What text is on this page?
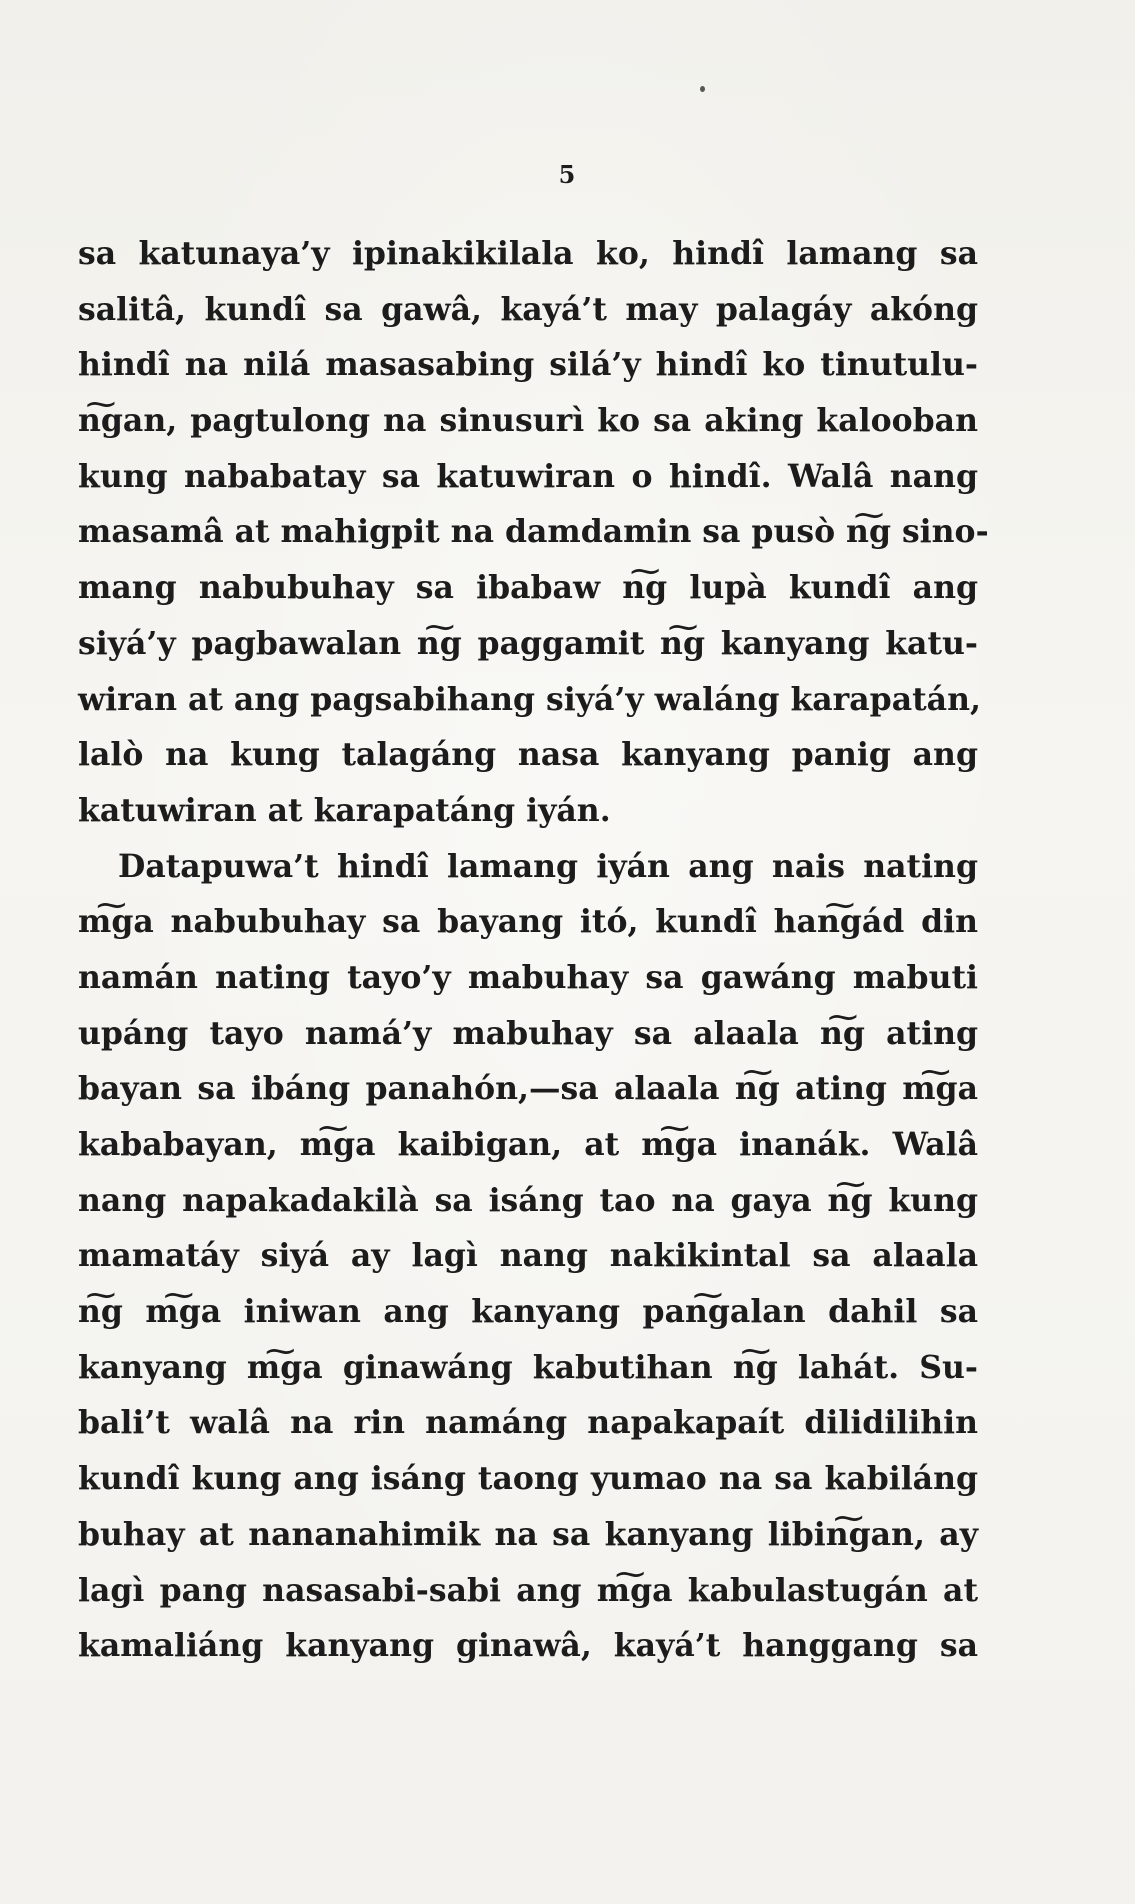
5
sa katunaya’y ipinakikilala ko, hindî lamang sa
salitâ, kundî sa gawâ, kayá’t may palagáy akóng
hindî na nilá masasabing silá’y hindî ko tinutulu-
n͠gan, pagtulong na sinusurì ko sa aking kalooban
kung nababatay sa katuwiran o hindî. Walâ nang
masamâ at mahigpit na damdamin sa pusò n͠g sino-
mang nabubuhay sa ibabaw n͠g lupà kundî ang
siyá’y pagbawalan n͠g paggamit n͠g kanyang katu-
wiran at ang pagsabihang siyá’y waláng karapatán,
lalò na kung talagáng nasa kanyang panig ang
katuwiran at karapatáng iyán.
Datapuwa’t hindî lamang iyán ang nais nating
m͠ga nabubuhay sa bayang itó, kundî han͠gád din
namán nating tayo’y mabuhay sa gawáng mabuti
upáng tayo namá’y mabuhay sa alaala n͠g ating
bayan sa ibáng panahón,—sa alaala n͠g ating m͠ga
kababayan, m͠ga kaibigan, at m͠ga inanák. Walâ
nang napakadakilà sa isáng tao na gaya n͠g kung
mamatáy siyá ay lagì nang nakikintal sa alaala
n͠g m͠ga iniwan ang kanyang pan͠galan dahil sa
kanyang m͠ga ginawáng kabutihan n͠g lahát. Su-
bali’t walâ na rin namáng napakapaít dilidilihin
kundî kung ang isáng taong yumao na sa kabiláng
buhay at nananahimik na sa kanyang libin͠gan, ay
lagì pang nasasabi-sabi ang m͠ga kabulastugán at
kamaliáng kanyang ginawâ, kayá’t hanggang sa
